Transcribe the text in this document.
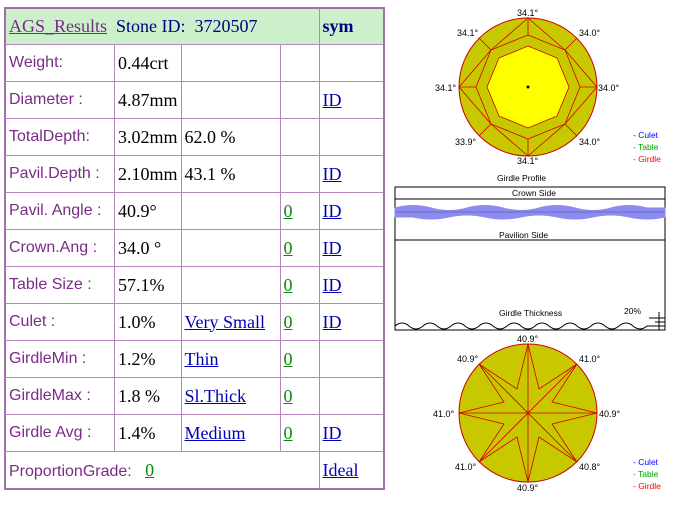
AGS_Results Stone ID: 3720507				sym
Weight:	0.44crt			
Diameter :	4.87mm			ID
TotalDepth:	3.02mm	62.0 %		
Pavil.Depth :	2.10mm	43.1 %		ID
Pavil. Angle :	40.9°		0	ID
Crown.Ang :	34.0 °		0	ID
Table Size :	57.1%		0	ID
Culet :	1.0%	Very Small	0	ID
GirdleMin :	1.2%	Thin	0	
GirdleMax :	1.8 %	Sl.Thick	0	
Girdle Avg :	1.4%	Medium	0	ID
ProportionGrade: 0				Ideal
34.1°
34.1°	34.0°
34.1°	34.0°
33.9°	34.0°
34.1°
- Culet
- Table
- Girdle
Girdle Profile
Crown Side
Pavilion Side
Girdle Thickness	20%
40.9°
40.9°	41.0°
41.0°	40.9°
41.0°	40.8°
40.9°
- Culet
- Table
- Girdle
